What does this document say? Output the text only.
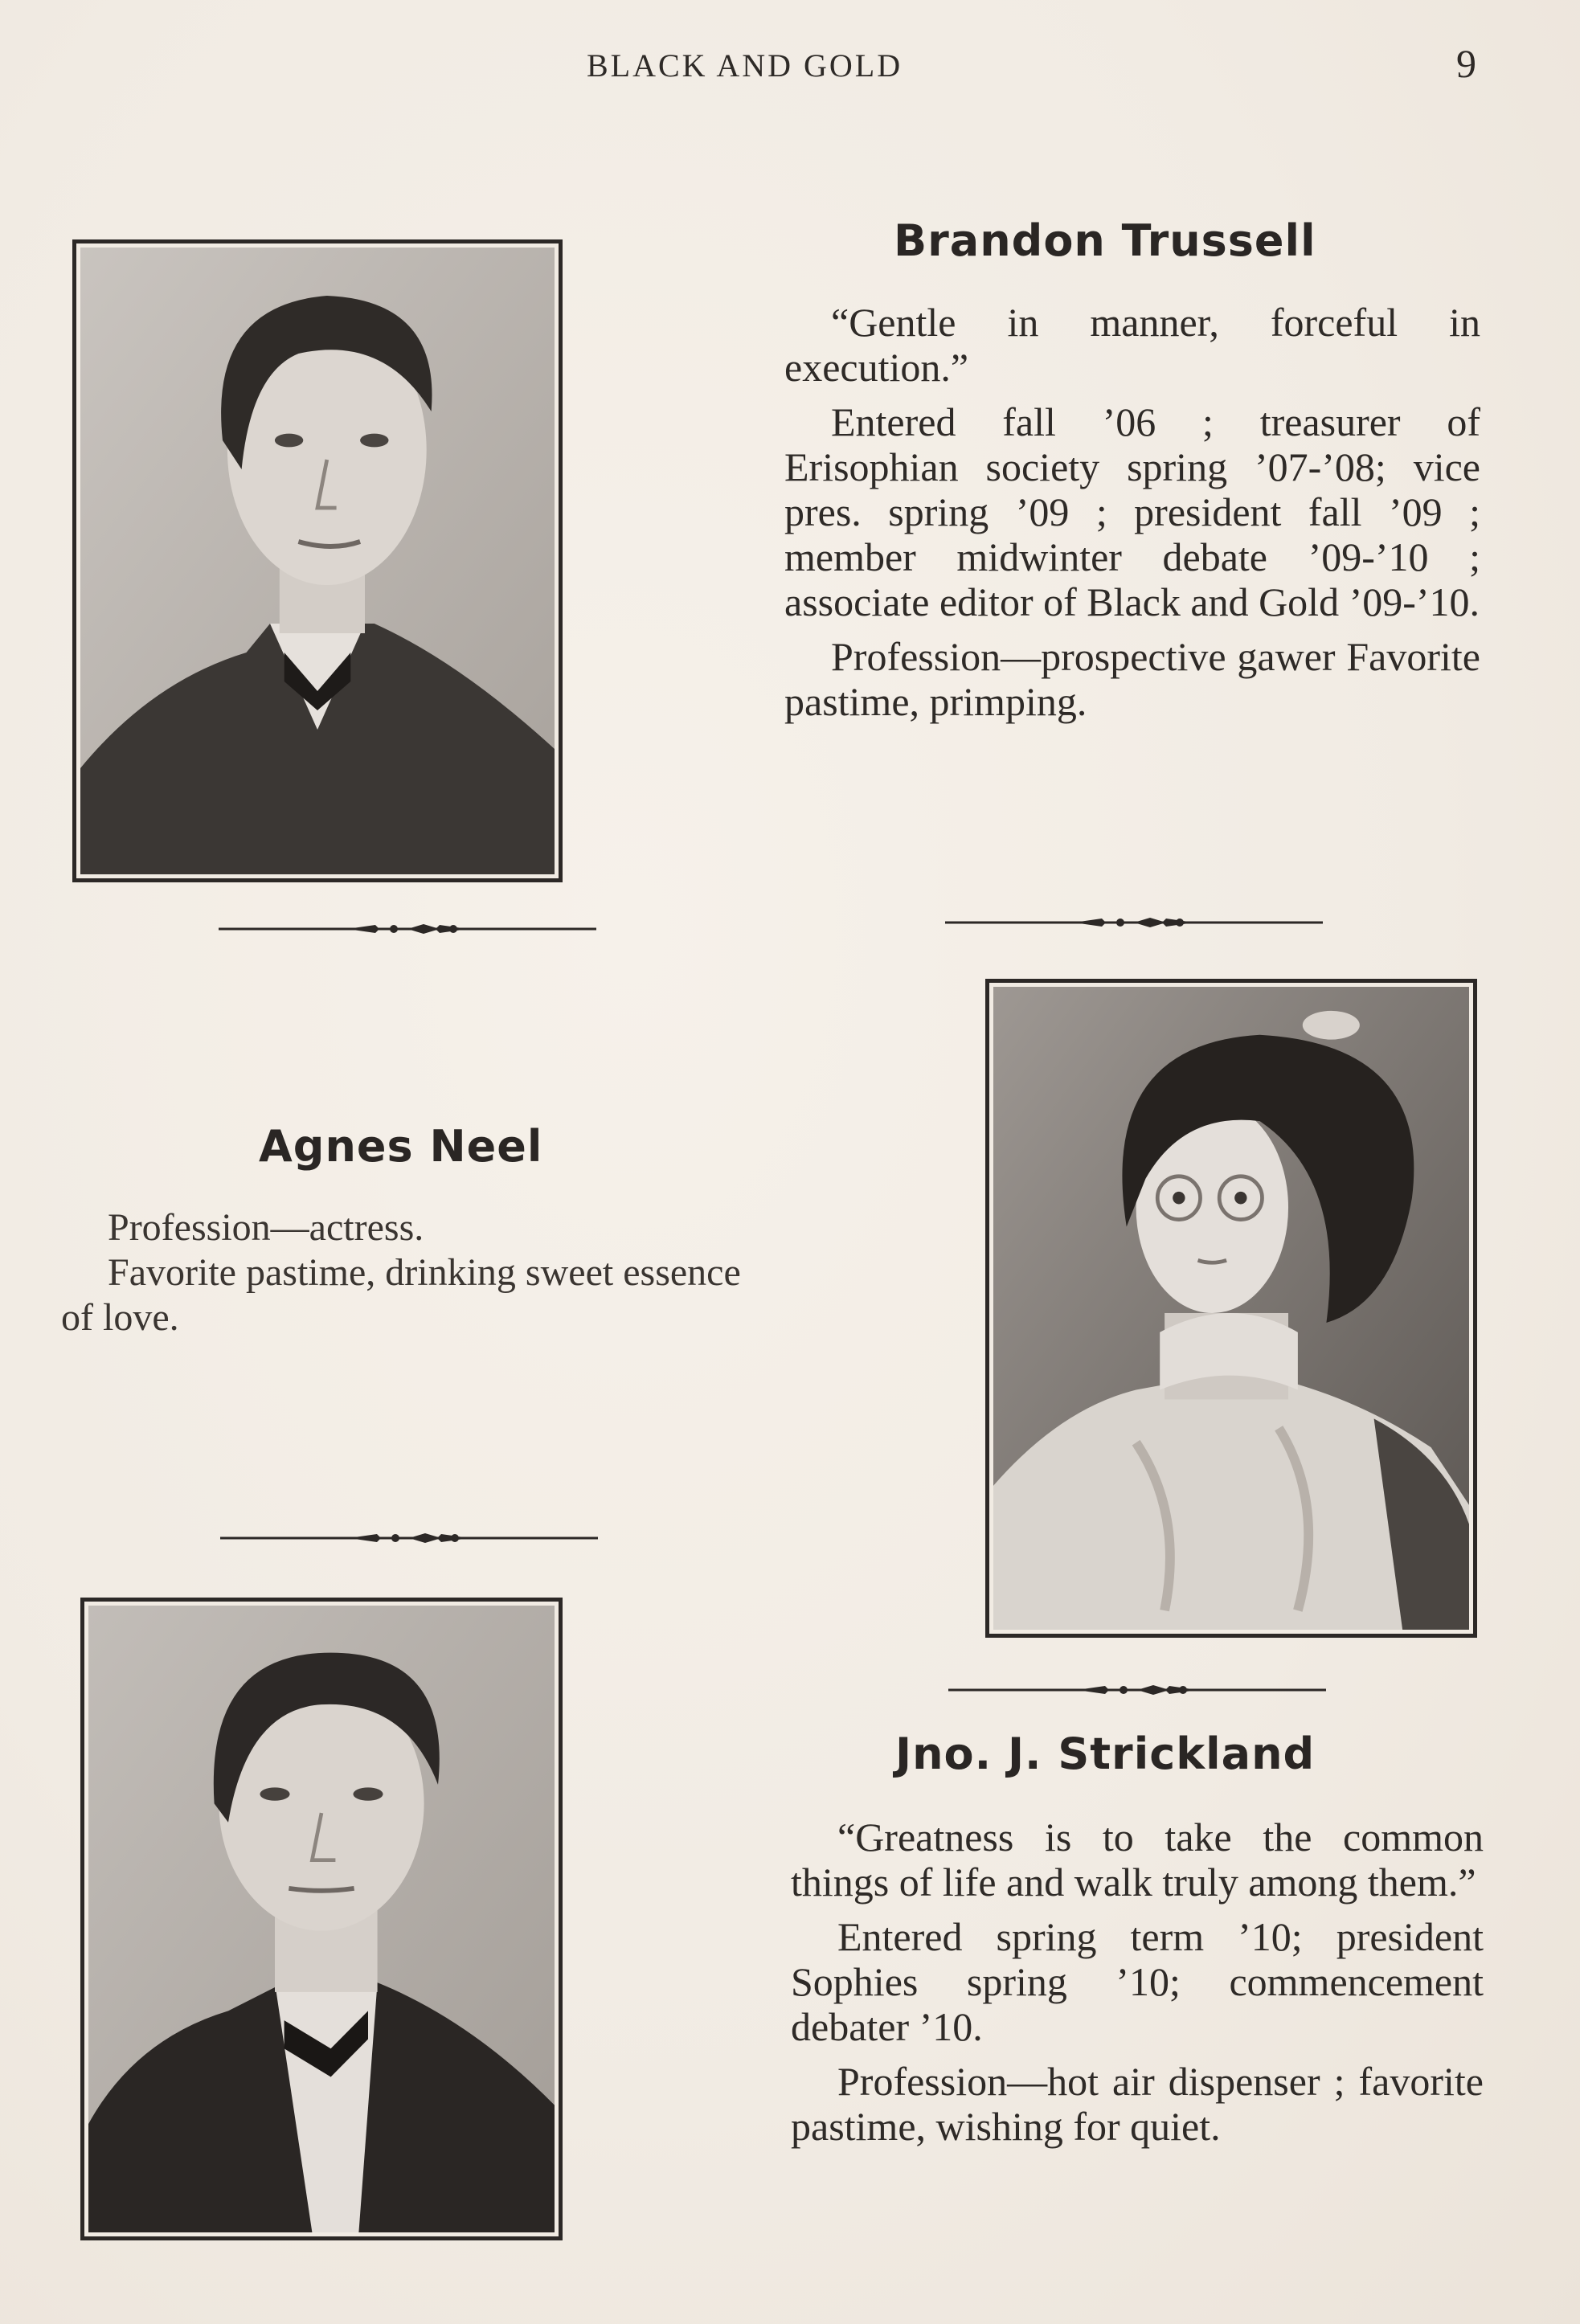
BLACK AND GOLD	9
Brandon Trussell

“Gentle in manner, forceful in execution.”

Entered fall ’06 ; treasurer of Erisophian society spring ’07-’08; vice pres. spring ’09 ; president fall ’09 ; member midwinter debate ’09-’10 ; associate editor of Black and Gold ’09-’10.

Profession—prospective gawer Favorite pastime, primping.

Agnes Neel

Profession—actress.

Favorite pastime, drinking sweet essence of love.

Jno. J. Strickland

“Greatness is to take the common things of life and walk truly among them.”

Entered spring term ’10; president Sophies spring ’10; commencement debater ’10.

Profession—hot air dispenser ; favorite pastime, wishing for quiet.
